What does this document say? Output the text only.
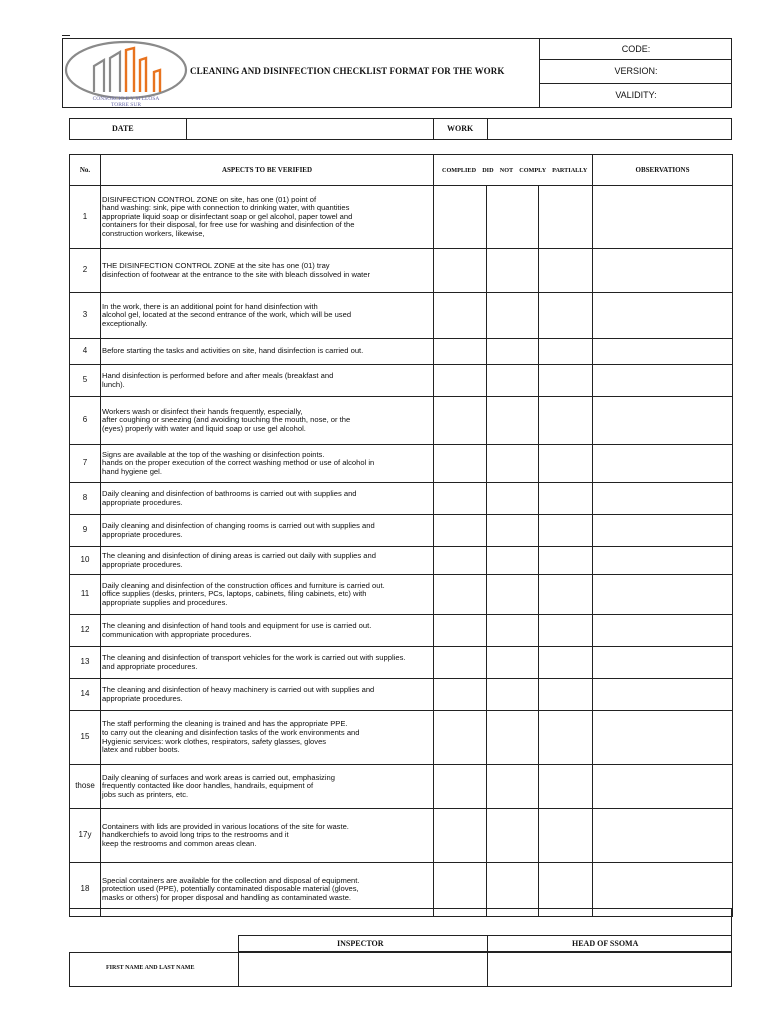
CODE:
VERSION:
VALIDITY:
CONSORCIO E Y M LLOSA
TORRE SUR
CLEANING AND DISINFECTION CHECKLIST FORMAT FOR THE WORK
DATE	WORK
No.	ASPECTS TO BE VERIFIED	COMPLIED    DID    NOT    COMPLY    PARTIALLY			OBSERVATIONS
1	DISINFECTION CONTROL ZONE on site, has one (01) point of
hand washing: sink, pipe with connection to drinking water, with quantities
appropriate liquid soap or disinfectant soap or gel alcohol, paper towel and
containers for their disposal, for free use for washing and disinfection of the
construction workers, likewise,				
2	THE DISINFECTION CONTROL ZONE at the site has one (01) tray
disinfection of footwear at the entrance to the site with bleach dissolved in water				
3	In the work, there is an additional point for hand disinfection with
alcohol gel, located at the second entrance of the work, which will be used
exceptionally.				
4	Before starting the tasks and activities on site, hand disinfection is carried out.				
5	Hand disinfection is performed before and after meals (breakfast and
lunch).				
6	Workers wash or disinfect their hands frequently, especially,
after coughing or sneezing (and avoiding touching the mouth, nose, or the
(eyes) properly with water and liquid soap or use gel alcohol.				
7	Signs are available at the top of the washing or disinfection points.
hands on the proper execution of the correct washing method or use of alcohol in
hand hygiene gel.				
8	Daily cleaning and disinfection of bathrooms is carried out with supplies and
appropriate procedures.				
9	Daily cleaning and disinfection of changing rooms is carried out with supplies and
appropriate procedures.				
10	The cleaning and disinfection of dining areas is carried out daily with supplies and
appropriate procedures.				
11	Daily cleaning and disinfection of the construction offices and furniture is carried out.
office supplies (desks, printers, PCs, laptops, cabinets, filing cabinets, etc) with
appropriate supplies and procedures.				
12	The cleaning and disinfection of hand tools and equipment for use is carried out.
communication with appropriate procedures.				
13	The cleaning and disinfection of transport vehicles for the work is carried out with supplies.
and appropriate procedures.				
14	The cleaning and disinfection of heavy machinery is carried out with supplies and
appropriate procedures.				
15	The staff performing the cleaning is trained and has the appropriate PPE.
to carry out the cleaning and disinfection tasks of the work environments and
Hygienic services: work clothes, respirators, safety glasses, gloves
latex and rubber boots.				
those	Daily cleaning of surfaces and work areas is carried out, emphasizing
frequently contacted like door handles, handrails, equipment of
jobs such as printers, etc.				
17y	Containers with lids are provided in various locations of the site for waste.
handkerchiefs to avoid long trips to the restrooms and it
keep the restrooms and common areas clean.				
18	Special containers are available for the collection and disposal of equipment.
protection used (PPE), potentially contaminated disposable material (gloves,
masks or others) for proper disposal and handling as contaminated waste.				
INSPECTOR	HEAD OF SSOMA
FIRST NAME AND LAST NAME
